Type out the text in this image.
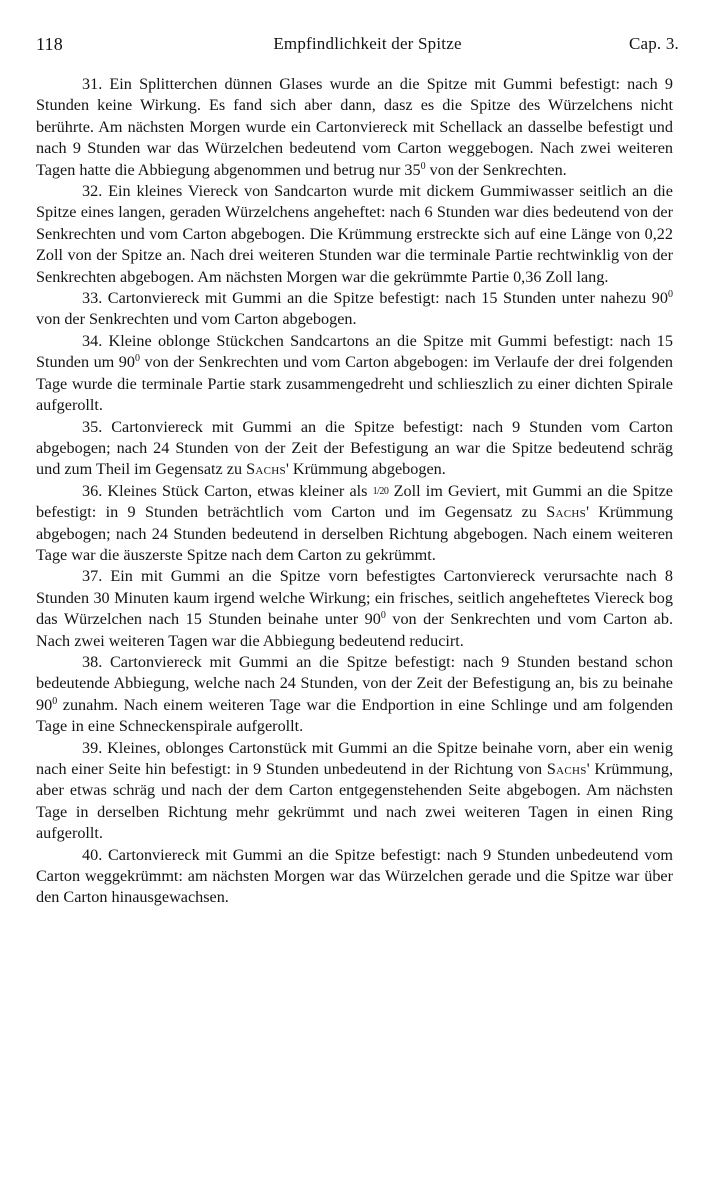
118	Empfindlichkeit der Spitze	Cap. 3.

31. Ein Splitterchen dünnen Glases wurde an die Spitze mit Gummi befestigt: nach 9 Stunden keine Wirkung. Es fand sich aber dann, dasz es die Spitze des Würzelchens nicht berührte. Am nächsten Morgen wurde ein Cartonviereck mit Schellack an dasselbe befestigt und nach 9 Stunden war das Würzelchen bedeutend vom Carton weggebogen. Nach zwei weiteren Tagen hatte die Abbiegung abgenommen und betrug nur $35^0$ von der Senkrechten.

32. Ein kleines Viereck von Sandcarton wurde mit dickem Gummiwasser seitlich an die Spitze eines langen, geraden Würzelchens angeheftet: nach 6 Stunden war dies bedeutend von der Senkrechten und vom Carton abgebogen. Die Krümmung erstreckte sich auf eine Länge von 0,22 Zoll von der Spitze an. Nach drei weiteren Stunden war die terminale Partie rechtwinklig von der Senkrechten abgebogen. Am nächsten Morgen war die gekrümmte Partie 0,36 Zoll lang.

33. Cartonviereck mit Gummi an die Spitze befestigt: nach 15 Stunden unter nahezu $90^0$ von der Senkrechten und vom Carton abgebogen.

34. Kleine oblonge Stückchen Sandcartons an die Spitze mit Gummi befestigt: nach 15 Stunden um $90^0$ von der Senkrechten und vom Carton abgebogen: im Verlaufe der drei folgenden Tage wurde die terminale Partie stark zusammengedreht und schlieszlich zu einer dichten Spirale aufgerollt.

35. Cartonviereck mit Gummi an die Spitze befestigt: nach 9 Stunden vom Carton abgebogen; nach 24 Stunden von der Zeit der Befestigung an war die Spitze bedeutend schräg und zum Theil im Gegensatz zu Sachs' Krümmung abgebogen.

36. Kleines Stück Carton, etwas kleiner als 1/20 Zoll im Geviert, mit Gummi an die Spitze befestigt: in 9 Stunden beträchtlich vom Carton und im Gegensatz zu Sachs' Krümmung abgebogen; nach 24 Stunden bedeutend in derselben Richtung abgebogen. Nach einem weiteren Tage war die äuszerste Spitze nach dem Carton zu gekrümmt.

37. Ein mit Gummi an die Spitze vorn befestigtes Cartonviereck verursachte nach 8 Stunden 30 Minuten kaum irgend welche Wirkung; ein frisches, seitlich angeheftetes Viereck bog das Würzelchen nach 15 Stunden beinahe unter $90^0$ von der Senkrechten und vom Carton ab. Nach zwei weiteren Tagen war die Abbiegung bedeutend reducirt.

38. Cartonviereck mit Gummi an die Spitze befestigt: nach 9 Stunden bestand schon bedeutende Abbiegung, welche nach 24 Stunden, von der Zeit der Befestigung an, bis zu beinahe $90^0$ zunahm. Nach einem weiteren Tage war die Endportion in eine Schlinge und am folgenden Tage in eine Schneckenspirale aufgerollt.

39. Kleines, oblonges Cartonstück mit Gummi an die Spitze beinahe vorn, aber ein wenig nach einer Seite hin befestigt: in 9 Stunden unbedeutend in der Richtung von Sachs' Krümmung, aber etwas schräg und nach der dem Carton entgegenstehenden Seite abgebogen. Am nächsten Tage in derselben Richtung mehr gekrümmt und nach zwei weiteren Tagen in einen Ring aufgerollt.

40. Cartonviereck mit Gummi an die Spitze befestigt: nach 9 Stunden unbedeutend vom Carton weggekrümmt: am nächsten Morgen war das Würzelchen gerade und die Spitze war über den Carton hinausgewachsen.
